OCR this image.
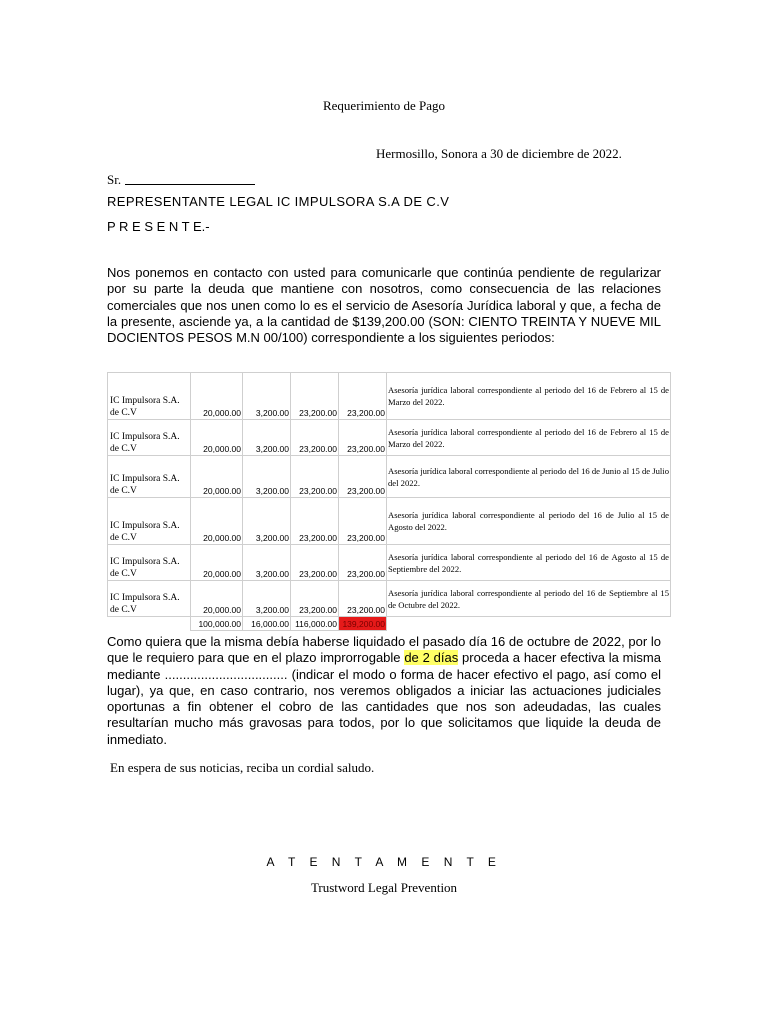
Requerimiento de Pago
Hermosillo, Sonora a 30 de diciembre de 2022.
Sr.
REPRESENTANTE LEGAL IC IMPULSORA S.A DE C.V
P R E S E N T E.-
Nos ponemos en contacto con usted para comunicarle que continúa pendiente de regularizar por su parte la deuda que mantiene con nosotros, como consecuencia de las relaciones comerciales que nos unen como lo es el servicio de Asesoría Jurídica laboral y que, a fecha de la presente, asciende ya, a la cantidad de $139,200.00 (SON: CIENTO TREINTA Y NUEVE MIL DOCIENTOS PESOS M.N 00/100) correspondiente a los siguientes periodos:
IC Impulsora S.A. de C.V	20,000.00	3,200.00	23,200.00	23,200.00	Asesoría jurídica laboral correspondiente al periodo del 16 de Febrero al 15 de Marzo del 2022.
IC Impulsora S.A. de C.V	20,000.00	3,200.00	23,200.00	23,200.00	Asesoría jurídica laboral correspondiente al periodo del 16 de Febrero al 15 de Marzo del 2022.
IC Impulsora S.A. de C.V	20,000.00	3,200.00	23,200.00	23,200.00	Asesoría jurídica laboral correspondiente al periodo del 16 de Junio al 15 de Julio del 2022.
IC Impulsora S.A. de C.V	20,000.00	3,200.00	23,200.00	23,200.00	Asesoría jurídica laboral correspondiente al periodo del 16 de Julio al 15 de Agosto del 2022.
IC Impulsora S.A. de C.V	20,000.00	3,200.00	23,200.00	23,200.00	Asesoría jurídica laboral correspondiente al periodo del 16 de Agosto al 15 de Septiembre del 2022.
IC Impulsora S.A. de C.V	20,000.00	3,200.00	23,200.00	23,200.00	Asesoría jurídica laboral correspondiente al periodo del 16 de Septiembre al 15 de Octubre del 2022.
	100,000.00	16,000.00	116,000.00	139,200.00	
Como quiera que la misma debía haberse liquidado el pasado día 16 de octubre de 2022, por lo que le requiero para que en el plazo improrrogable de 2 días proceda a hacer efectiva la misma mediante .................................. (indicar el modo o forma de hacer efectivo el pago, así como el lugar), ya que, en caso contrario, nos veremos obligados a iniciar las actuaciones judiciales oportunas a fin obtener el cobro de las cantidades que nos son adeudadas, las cuales resultarían mucho más gravosas para todos, por lo que solicitamos que liquide la deuda de inmediato.
En espera de sus noticias, reciba un cordial saludo.
A T E N T A M E N T E
Trustword Legal Prevention
